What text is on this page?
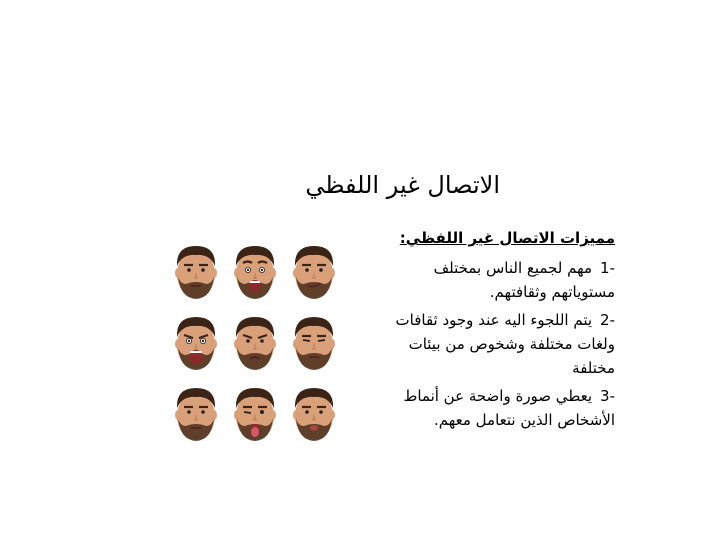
الاتصال غير اللفظي
مميزات الاتصال غير اللفظي:
1-مهم لجميع الناس بمختلف
مستوياتهم وثقافتهم.
2-يتم اللجوء اليه عند وجود ثقافات
ولغات مختلفة وشخوص من بيئات
مختلفة
3-يعطي صورة واضحة عن أنماط
الأشخاص الذين نتعامل معهم.
